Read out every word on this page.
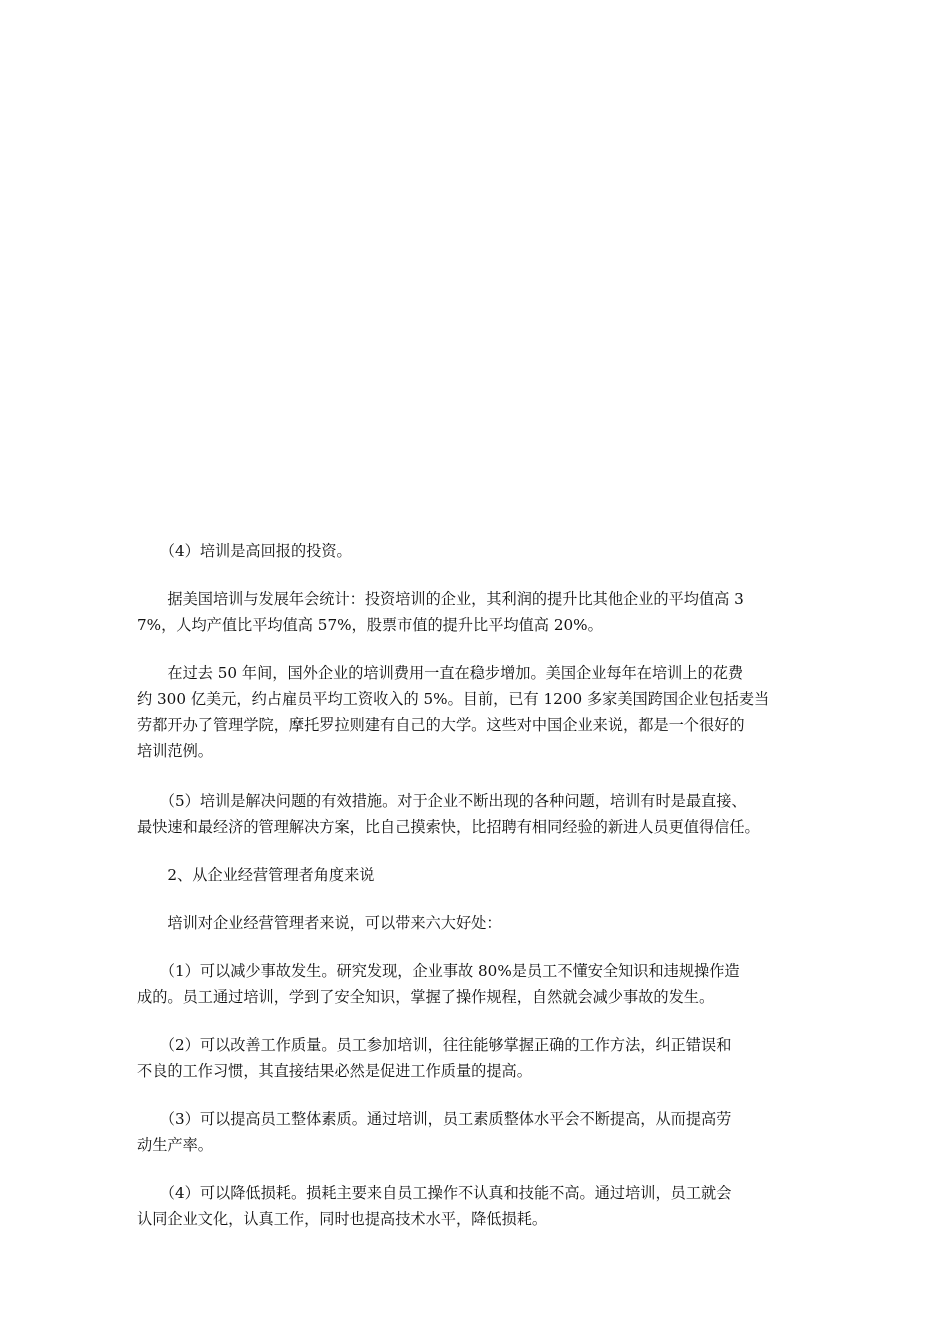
　　（4）培训是高回报的投资。

　　据美国培训与发展年会统计：投资培训的企业，其利润的提升比其他企业的平均值高 3
7%，人均产值比平均值高 57%，股票市值的提升比平均值高 20%。

　　在过去 50 年间，国外企业的培训费用一直在稳步增加。美国企业每年在培训上的花费
约 300 亿美元，约占雇员平均工资收入的 5%。目前，已有 1200 多家美国跨国企业包括麦当
劳都开办了管理学院，摩托罗拉则建有自己的大学。这些对中国企业来说，都是一个很好的
培训范例。

　　（5）培训是解决问题的有效措施。对于企业不断出现的各种问题，培训有时是最直接、
最快速和最经济的管理解决方案，比自己摸索快，比招聘有相同经验的新进人员更值得信任。

　　2、从企业经营管理者角度来说

　　培训对企业经营管理者来说，可以带来六大好处：

　　（1）可以减少事故发生。研究发现，企业事故 80%是员工不懂安全知识和违规操作造
成的。员工通过培训，学到了安全知识，掌握了操作规程，自然就会减少事故的发生。

　　（2）可以改善工作质量。员工参加培训，往往能够掌握正确的工作方法，纠正错误和
不良的工作习惯，其直接结果必然是促进工作质量的提高。

　　（3）可以提高员工整体素质。通过培训，员工素质整体水平会不断提高，从而提高劳
动生产率。

　　（4）可以降低损耗。损耗主要来自员工操作不认真和技能不高。通过培训，员工就会
认同企业文化，认真工作，同时也提高技术水平，降低损耗。
